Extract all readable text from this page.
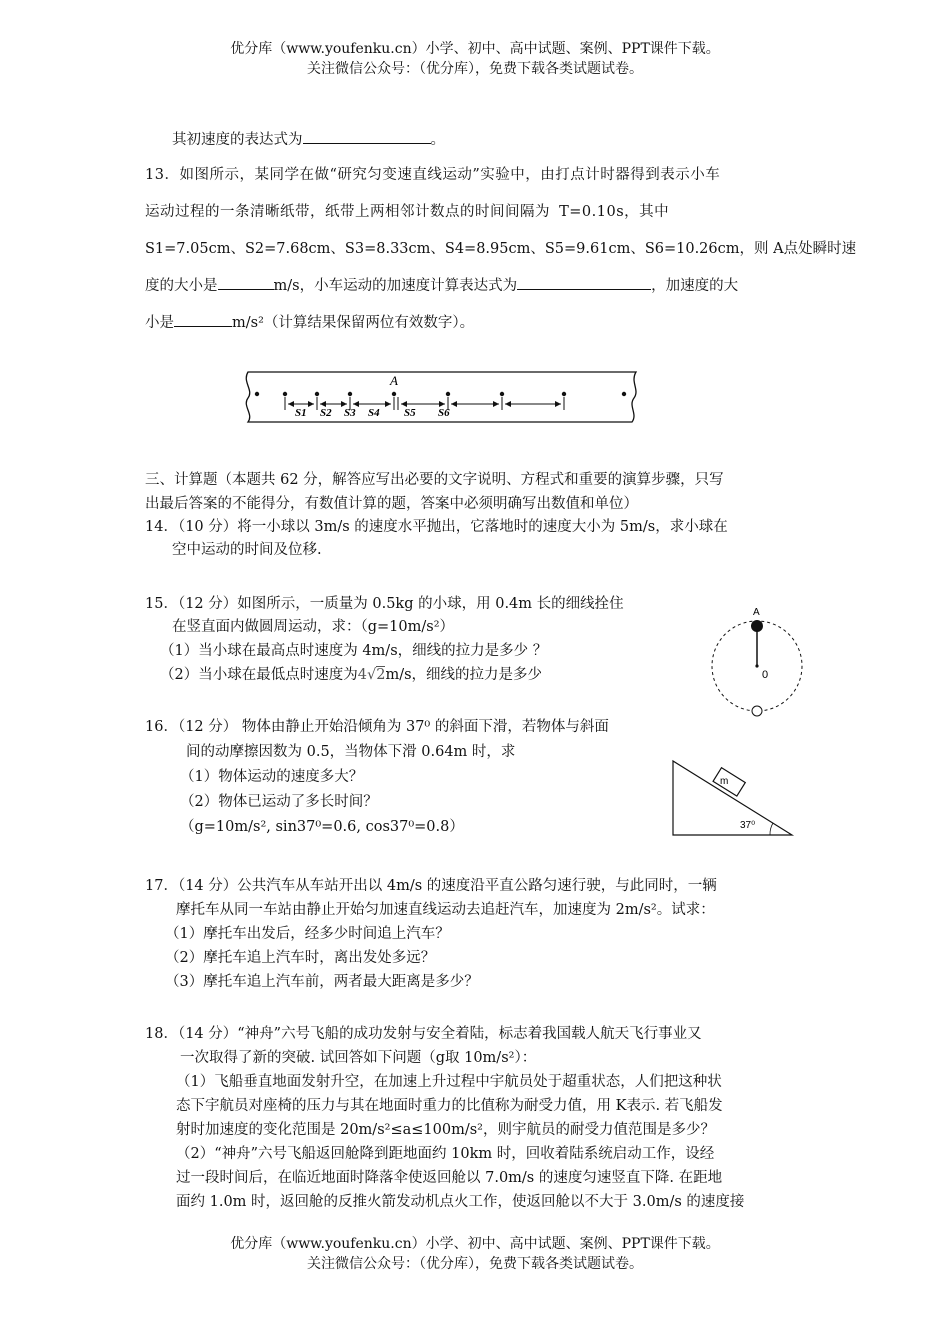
优分库（www.youfenku.cn）小学、初中、高中试题、案例、PPT课件下载。
关注微信公众号：（优分库），免费下载各类试题试卷。
其初速度的表达式为	。
13．如图所示，某同学在做“研究匀变速直线运动”实验中，由打点计时器得到表示小车
运动过程的一条清晰纸带，纸带上两相邻计数点的时间间隔为 T=0.10s，其中
S1=7.05cm、S2=7.68cm、S3=8.33cm、S4=8.95cm、S5=9.61cm、S6=10.26cm，则 A点处瞬时速
度的大小是	m/s，小车运动的加速度计算表达式为	，加速度的大
小是	m/s²（计算结果保留两位有效数字）。
A
S1 S2 S3 S4 S5 S6
三、计算题（本题共 62 分，解答应写出必要的文字说明、方程式和重要的演算步骤，只写
出最后答案的不能得分，有数值计算的题，答案中必须明确写出数值和单位）
14．（10 分）将一小球以 3m/s 的速度水平抛出，它落地时的速度大小为 5m/s，求小球在
空中运动的时间及位移.
15．（12 分）如图所示，一质量为 0.5kg 的小球，用 0.4m 长的细线拴住
在竖直面内做圆周运动，求：（g=10m/s²）
（1）当小球在最高点时速度为 4m/s，细线的拉力是多少 ？
（2）当小球在最低点时速度为4√2m/s，细线的拉力是多少
A
0
16．（12 分） 物体由静止开始沿倾角为 37⁰ 的斜面下滑，若物体与斜面
间的动摩擦因数为 0.5，当物体下滑 0.64m 时，求
（1）物体运动的速度多大？
（2）物体已运动了多长时间？
（g=10m/s², sin37⁰=0.6, cos37⁰=0.8）
m
37⁰
17．（14 分）公共汽车从车站开出以 4m/s 的速度沿平直公路匀速行驶，与此同时，一辆
摩托车从同一车站由静止开始匀加速直线运动去追赶汽车，加速度为 2m/s²。试求：
（1）摩托车出发后，经多少时间追上汽车？
（2）摩托车追上汽车时，离出发处多远？
（3）摩托车追上汽车前，两者最大距离是多少？
18．（14 分）“神舟”六号飞船的成功发射与安全着陆，标志着我国载人航天飞行事业又
一次取得了新的突破. 试回答如下问题（g取 10m/s²）：
（1）飞船垂直地面发射升空，在加速上升过程中宇航员处于超重状态，人们把这种状
态下宇航员对座椅的压力与其在地面时重力的比值称为耐受力值，用 K表示. 若飞船发
射时加速度的变化范围是 20m/s²≤a≤100m/s²，则宇航员的耐受力值范围是多少？
（2）“神舟”六号飞船返回舱降到距地面约 10km 时，回收着陆系统启动工作，设经
过一段时间后，在临近地面时降落伞使返回舱以 7.0m/s 的速度匀速竖直下降. 在距地
面约 1.0m 时，返回舱的反推火箭发动机点火工作，使返回舱以不大于 3.0m/s 的速度接
优分库（www.youfenku.cn）小学、初中、高中试题、案例、PPT课件下载。
关注微信公众号：（优分库），免费下载各类试题试卷。
